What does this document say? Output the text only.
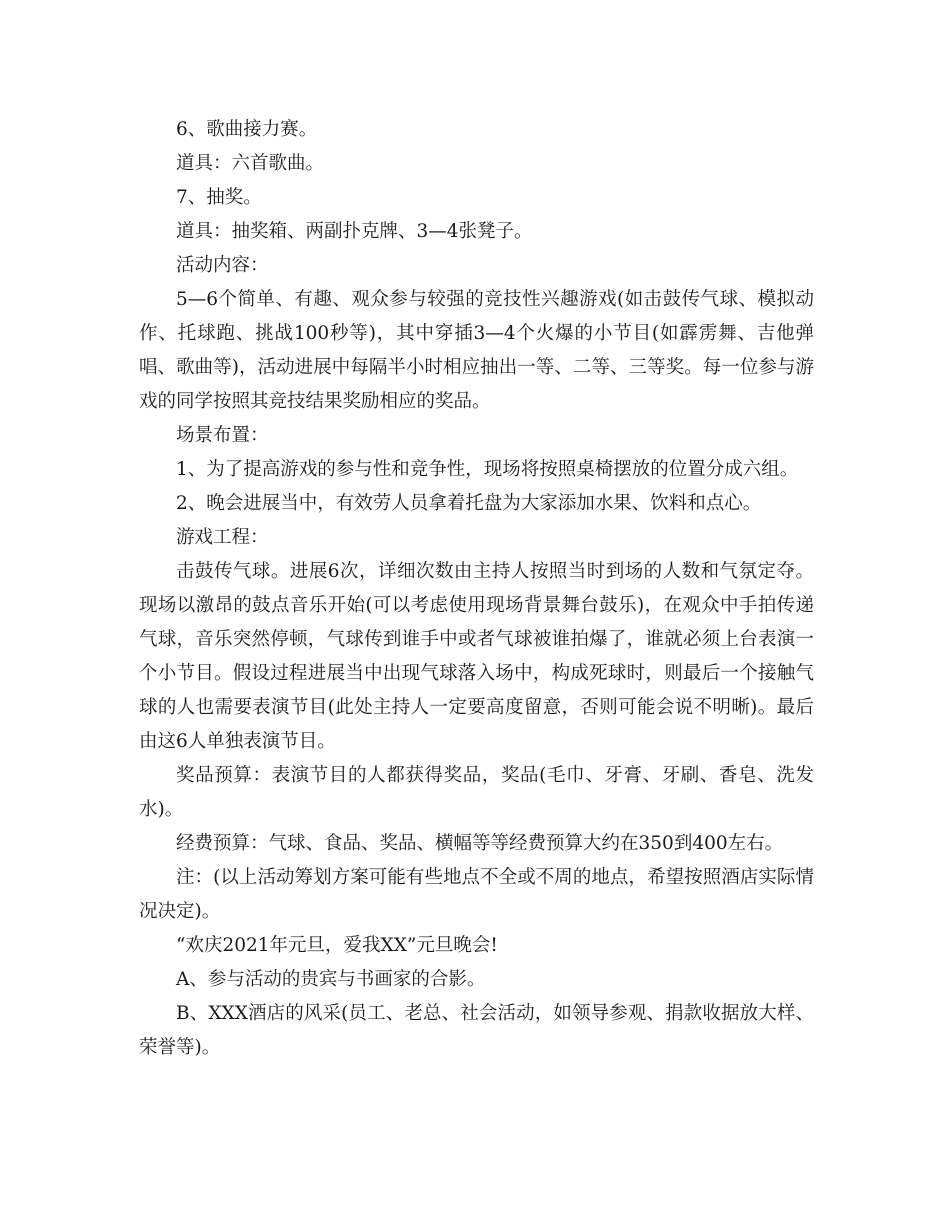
6、歌曲接力赛。

道具：六首歌曲。

7、抽奖。

道具：抽奖箱、两副扑克牌、3—4张凳子。

活动内容：

5—6个简单、有趣、观众参与较强的竞技性兴趣游戏(如击鼓传气球、模拟动作、托球跑、挑战100秒等)，其中穿插3—4个火爆的小节目(如霹雳舞、吉他弹唱、歌曲等)，活动进展中每隔半小时相应抽出一等、二等、三等奖。每一位参与游戏的同学按照其竞技结果奖励相应的奖品。

场景布置：

1、为了提高游戏的参与性和竞争性，现场将按照桌椅摆放的位置分成六组。

2、晚会进展当中，有效劳人员拿着托盘为大家添加水果、饮料和点心。

游戏工程：

击鼓传气球。进展6次，详细次数由主持人按照当时到场的人数和气氛定夺。现场以激昂的鼓点音乐开始(可以考虑使用现场背景舞台鼓乐)，在观众中手拍传递气球，音乐突然停顿，气球传到谁手中或者气球被谁拍爆了，谁就必须上台表演一个小节目。假设过程进展当中出现气球落入场中，构成死球时，则最后一个接触气球的人也需要表演节目(此处主持人一定要高度留意，否则可能会说不明晰)。最后由这6人单独表演节目。

奖品预算：表演节目的人都获得奖品，奖品(毛巾、牙膏、牙刷、香皂、洗发水)。

经费预算：气球、食品、奖品、横幅等等经费预算大约在350到400左右。

注：(以上活动筹划方案可能有些地点不全或不周的地点，希望按照酒店实际情况决定)。

“欢庆2021年元旦，爱我XX”元旦晚会!

A、参与活动的贵宾与书画家的合影。

B、XXX酒店的风采(员工、老总、社会活动，如领导参观、捐款收据放大样、荣誉等)。
